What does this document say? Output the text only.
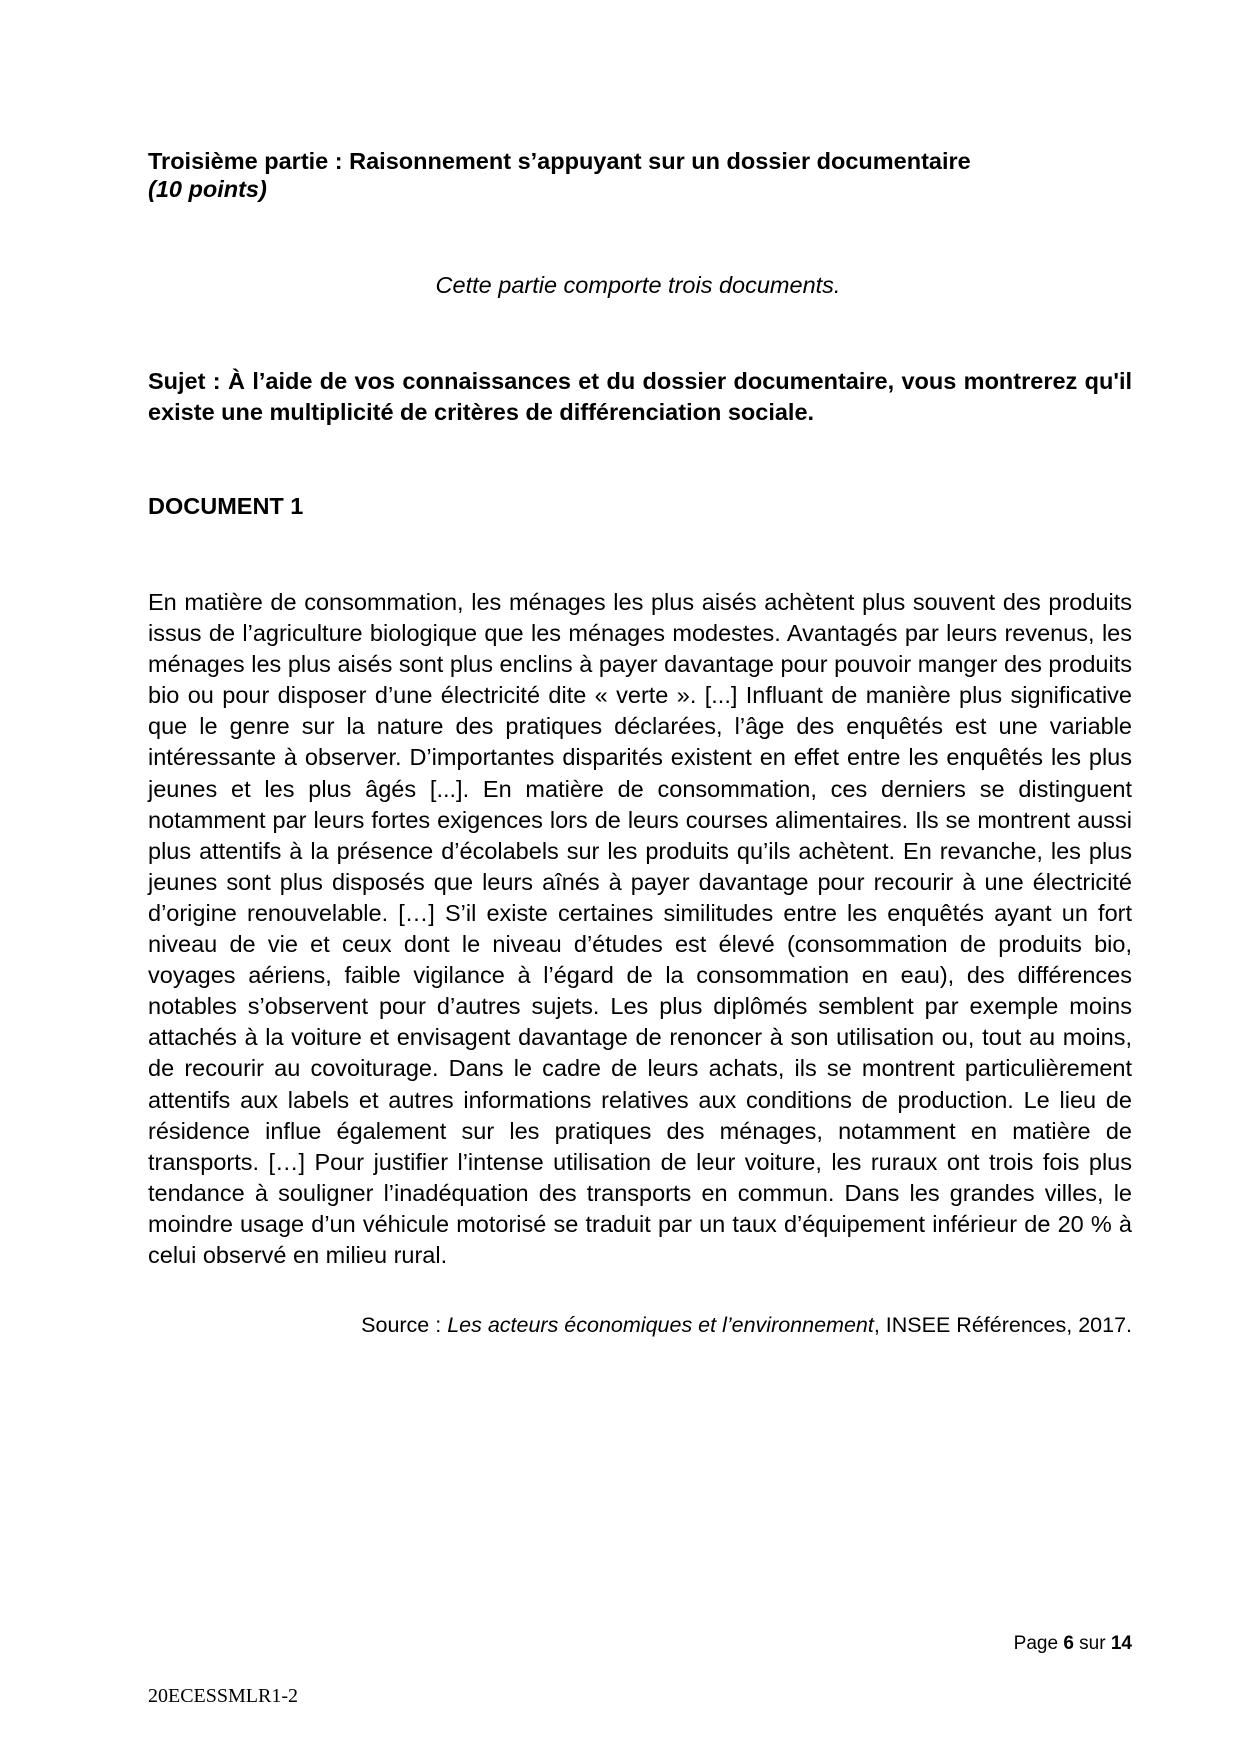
Troisième partie : Raisonnement s’appuyant sur un dossier documentaire
(10 points)
Cette partie comporte trois documents.
Sujet : À l’aide de vos connaissances et du dossier documentaire, vous montrerez qu'il existe une multiplicité de critères de différenciation sociale.
DOCUMENT 1
En matière de consommation, les ménages les plus aisés achètent plus souvent des produits issus de l’agriculture biologique que les ménages modestes. Avantagés par leurs revenus, les ménages les plus aisés sont plus enclins à payer davantage pour pouvoir manger des produits bio ou pour disposer d’une électricité dite « verte ». [...] Influant de manière plus significative que le genre sur la nature des pratiques déclarées, l’âge des enquêtés est une variable intéressante à observer. D’importantes disparités existent en effet entre les enquêtés les plus jeunes et les plus âgés [...]. En matière de consommation, ces derniers se distinguent notamment par leurs fortes exigences lors de leurs courses alimentaires. Ils se montrent aussi plus attentifs à la présence d’écolabels sur les produits qu’ils achètent. En revanche, les plus jeunes sont plus disposés que leurs aînés à payer davantage pour recourir à une électricité d’origine renouvelable. […] S’il existe certaines similitudes entre les enquêtés ayant un fort niveau de vie et ceux dont le niveau d’études est élevé (consommation de produits bio, voyages aériens, faible vigilance à l’égard de la consommation en eau), des différences notables s’observent pour d’autres sujets. Les plus diplômés semblent par exemple moins attachés à la voiture et envisagent davantage de renoncer à son utilisation ou, tout au moins, de recourir au covoiturage. Dans le cadre de leurs achats, ils se montrent particulièrement attentifs aux labels et autres informations relatives aux conditions de production. Le lieu de résidence influe également sur les pratiques des ménages, notamment en matière de transports. […] Pour justifier l’intense utilisation de leur voiture, les ruraux ont trois fois plus tendance à souligner l’inadéquation des transports en commun. Dans les grandes villes, le moindre usage d’un véhicule motorisé se traduit par un taux d’équipement inférieur de 20 % à celui observé en milieu rural.
Source : Les acteurs économiques et l’environnement, INSEE Références, 2017.
Page 6 sur 14
20ECESSMLR1-2
